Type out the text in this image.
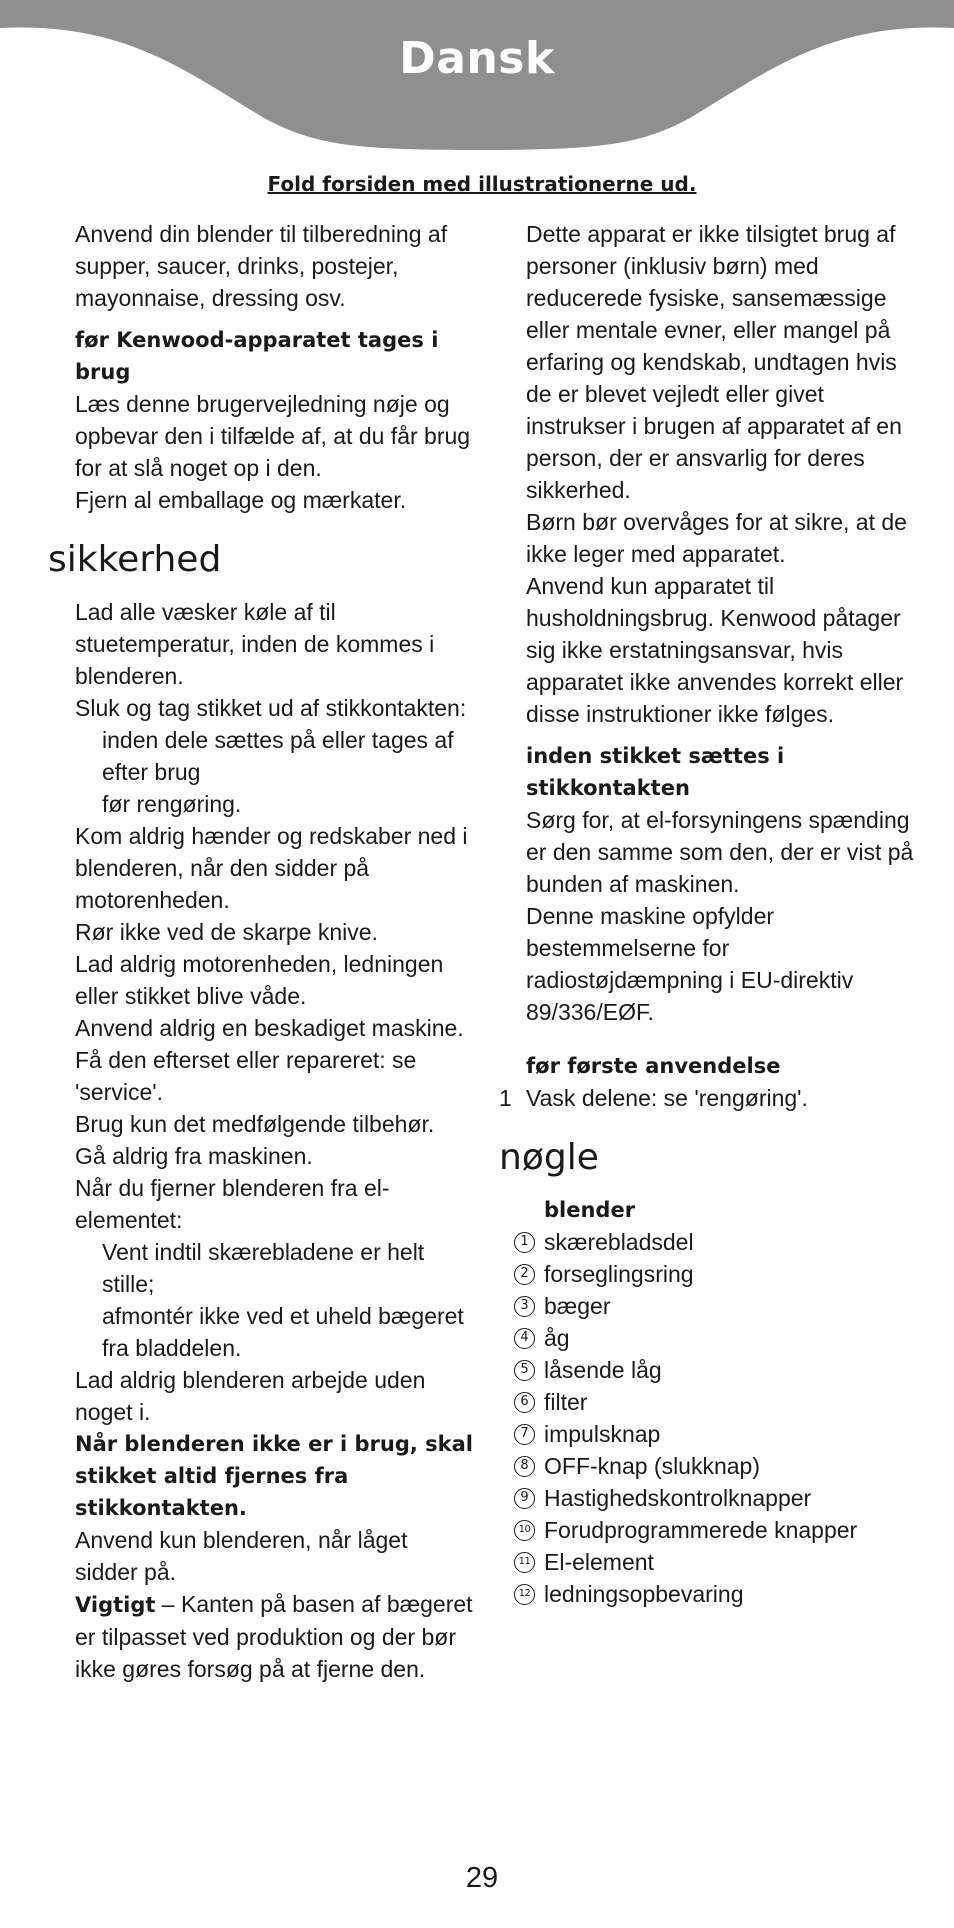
Dansk
Fold forsiden med illustrationerne ud.

Anvend din blender til tilberedning af supper, saucer, drinks, postejer, mayonnaise, dressing osv.

før Kenwood-apparatet tages i brug

Læs denne brugervejledning nøje og opbevar den i tilfælde af, at du får brug for at slå noget op i den.

Fjern al emballage og mærkater.

sikkerhed

Lad alle væsker køle af til stuetemperatur, inden de kommes i blenderen.

Sluk og tag stikket ud af stikkontakten:

inden dele sættes på eller tages af efter brug

før rengøring.

Kom aldrig hænder og redskaber ned i blenderen, når den sidder på motorenheden.

Rør ikke ved de skarpe knive.

Lad aldrig motorenheden, ledningen eller stikket blive våde.

Anvend aldrig en beskadiget maskine. Få den efterset eller repareret: se 'service'.

Brug kun det medfølgende tilbehør.

Gå aldrig fra maskinen.

Når du fjerner blenderen fra el-elementet:

Vent indtil skærebladene er helt stille;

afmontér ikke ved et uheld bægeret fra bladdelen.

Lad aldrig blenderen arbejde uden noget i.

Når blenderen ikke er i brug, skal stikket altid fjernes fra stikkontakten.

Anvend kun blenderen, når låget sidder på.

Vigtigt – Kanten på basen af bægeret er tilpasset ved produktion og der bør ikke gøres forsøg på at fjerne den.

Dette apparat er ikke tilsigtet brug af personer (inklusiv børn) med reducerede fysiske, sansemæssige eller mentale evner, eller mangel på erfaring og kendskab, undtagen hvis de er blevet vejledt eller givet instrukser i brugen af apparatet af en person, der er ansvarlig for deres sikkerhed.

Børn bør overvåges for at sikre, at de ikke leger med apparatet.

Anvend kun apparatet til husholdningsbrug. Kenwood påtager sig ikke erstatningsansvar, hvis apparatet ikke anvendes korrekt eller disse instruktioner ikke følges.

inden stikket sættes i stikkontakten

Sørg for, at el-forsyningens spænding er den samme som den, der er vist på bunden af maskinen.

Denne maskine opfylder bestemmelserne for radiostøjdæmpning i EU-direktiv 89/336/EØF.

før første anvendelse

1 Vask delene: se 'rengøring'.

nøgle
blender
1 skærebladsdel
2 forseglingsring
3 bæger
4 åg
5 låsende låg
6 filter
7 impulsknap
8 OFF-knap (slukknap)
9 Hastighedskontrolknapper
10 Forudprogrammerede knapper
11 El-element
12 ledningsopbevaring
29
